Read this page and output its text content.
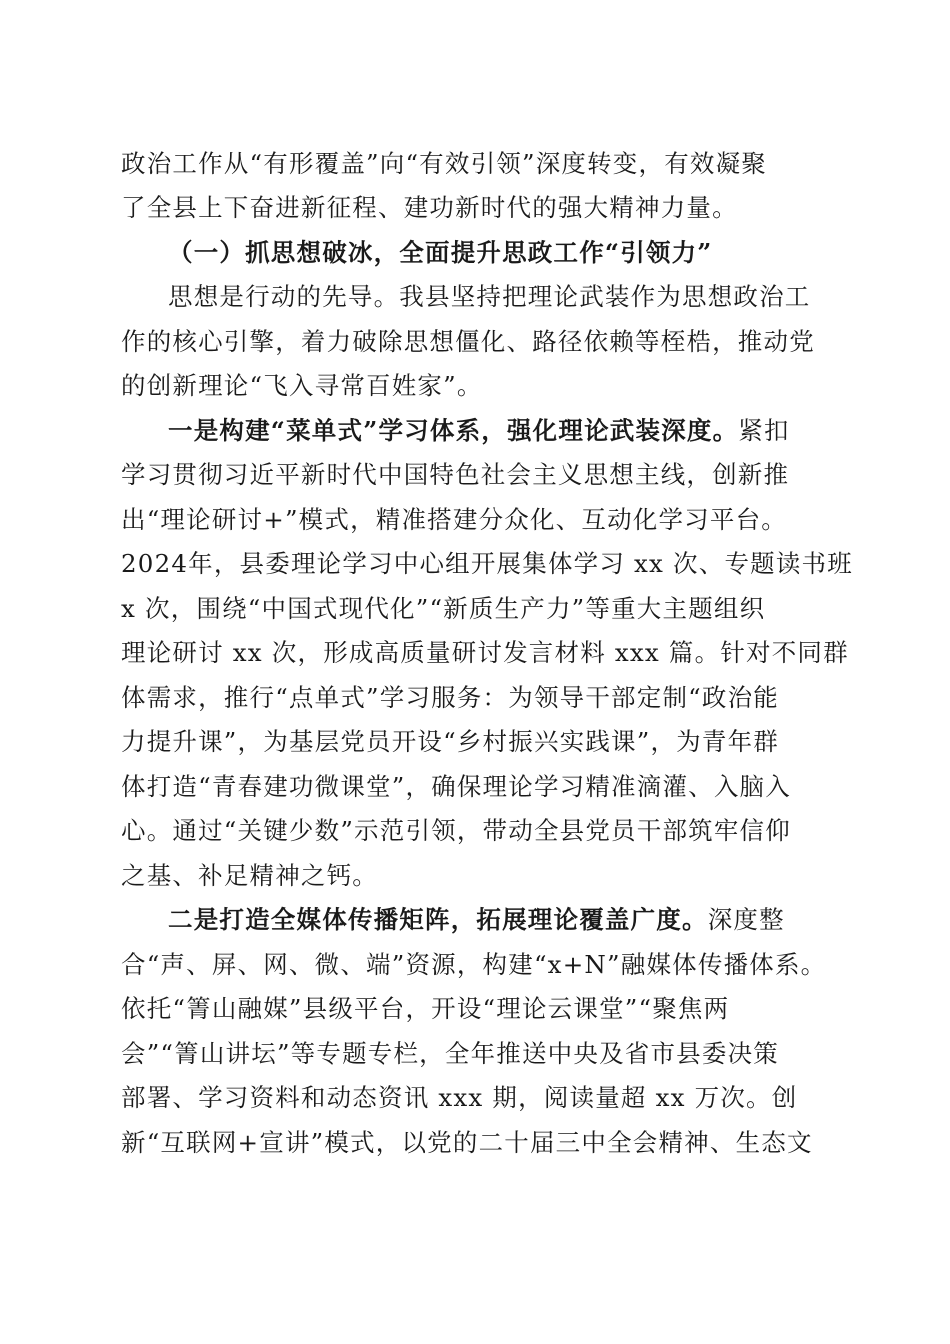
政治工作从“有形覆盖”向“有效引领”深度转变，有效凝聚
了全县上下奋进新征程、建功新时代的强大精神力量。
（一）抓思想破冰，全面提升思政工作“引领力”
思想是行动的先导。我县坚持把理论武装作为思想政治工
作的核心引擎，着力破除思想僵化、路径依赖等桎梏，推动党
的创新理论“飞入寻常百姓家”。
一是构建“菜单式”学习体系，强化理论武装深度。紧扣
学习贯彻习近平新时代中国特色社会主义思想主线，创新推
出“理论研讨+”模式，精准搭建分众化、互动化学习平台。
2024年，县委理论学习中心组开展集体学习 xx 次、专题读书班
x 次，围绕“中国式现代化”“新质生产力”等重大主题组织
理论研讨 xx 次，形成高质量研讨发言材料 xxx 篇。针对不同群
体需求，推行“点单式”学习服务：为领导干部定制“政治能
力提升课”，为基层党员开设“乡村振兴实践课”，为青年群
体打造“青春建功微课堂”，确保理论学习精准滴灌、入脑入
心。通过“关键少数”示范引领，带动全县党员干部筑牢信仰
之基、补足精神之钙。
二是打造全媒体传播矩阵，拓展理论覆盖广度。深度整
合“声、屏、网、微、端”资源，构建“x+N”融媒体传播体系。
依托“箐山融媒”县级平台，开设“理论云课堂”“聚焦两
会”“箐山讲坛”等专题专栏，全年推送中央及省市县委决策
部署、学习资料和动态资讯 xxx 期，阅读量超 xx 万次。创
新“互联网+宣讲”模式，以党的二十届三中全会精神、生态文
